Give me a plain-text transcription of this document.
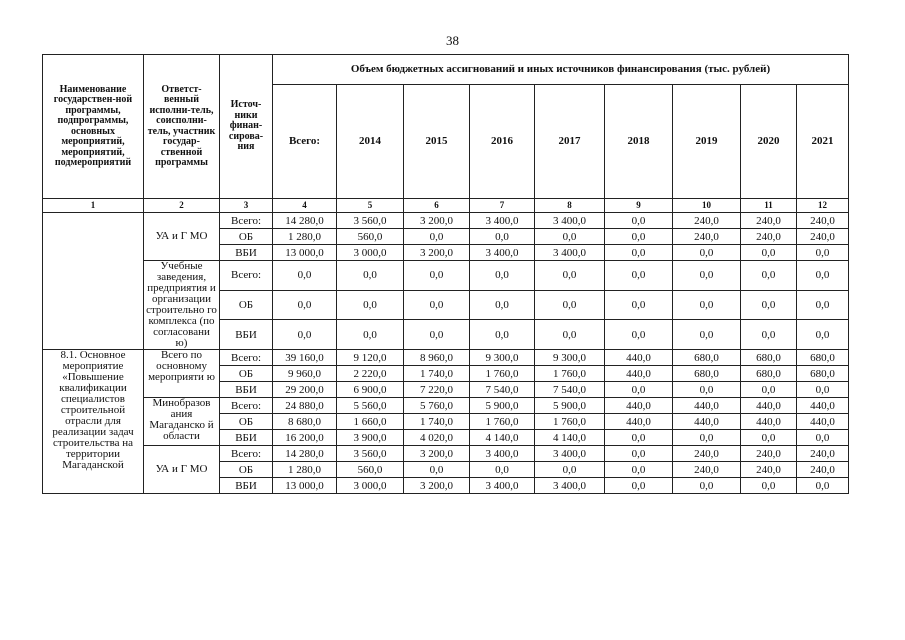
38
Наименование государствен-ной программы, подпрограммы, основных мероприятий, мероприятий, подмероприятий	Ответст-венный исполни-тель, соисполни-тель, участник государ-ственной программы	Источ-ники финан-сирова-ния	Объем бюджетных ассигнований и иных источников финансирования (тыс. рублей)								
			Всего:	2014	2015	2016	2017	2018	2019	2020	2021
1	2	3	4	5	6	7	8	9	10	11	12
	УА и Г МО	Всего:	14 280,0	3 560,0	3 200,0	3 400,0	3 400,0	0,0	240,0	240,0	240,0
		ОБ	1 280,0	560,0	0,0	0,0	0,0	0,0	240,0	240,0	240,0
		ВБИ	13 000,0	3 000,0	3 200,0	3 400,0	3 400,0	0,0	0,0	0,0	0,0
	Учебные заведения, предприятия и организации строительно го комплекса (по согласовани ю)	Всего:	0,0	0,0	0,0	0,0	0,0	0,0	0,0	0,0	0,0
		ОБ	0,0	0,0	0,0	0,0	0,0	0,0	0,0	0,0	0,0
		ВБИ	0,0	0,0	0,0	0,0	0,0	0,0	0,0	0,0	0,0
8.1. Основное мероприятие «Повышение квалификации специалистов строительной отрасли для реализации задач строительства на территории Магаданской	Всего по основному мероприяти ю	Всего:	39 160,0	9 120,0	8 960,0	9 300,0	9 300,0	440,0	680,0	680,0	680,0
		ОБ	9 960,0	2 220,0	1 740,0	1 760,0	1 760,0	440,0	680,0	680,0	680,0
		ВБИ	29 200,0	6 900,0	7 220,0	7 540,0	7 540,0	0,0	0,0	0,0	0,0
	Минобразов ания Магаданско й области	Всего:	24 880,0	5 560,0	5 760,0	5 900,0	5 900,0	440,0	440,0	440,0	440,0
		ОБ	8 680,0	1 660,0	1 740,0	1 760,0	1 760,0	440,0	440,0	440,0	440,0
		ВБИ	16 200,0	3 900,0	4 020,0	4 140,0	4 140,0	0,0	0,0	0,0	0,0
	УА и Г МО	Всего:	14 280,0	3 560,0	3 200,0	3 400,0	3 400,0	0,0	240,0	240,0	240,0
		ОБ	1 280,0	560,0	0,0	0,0	0,0	0,0	240,0	240,0	240,0
		ВБИ	13 000,0	3 000,0	3 200,0	3 400,0	3 400,0	0,0	0,0	0,0	0,0
